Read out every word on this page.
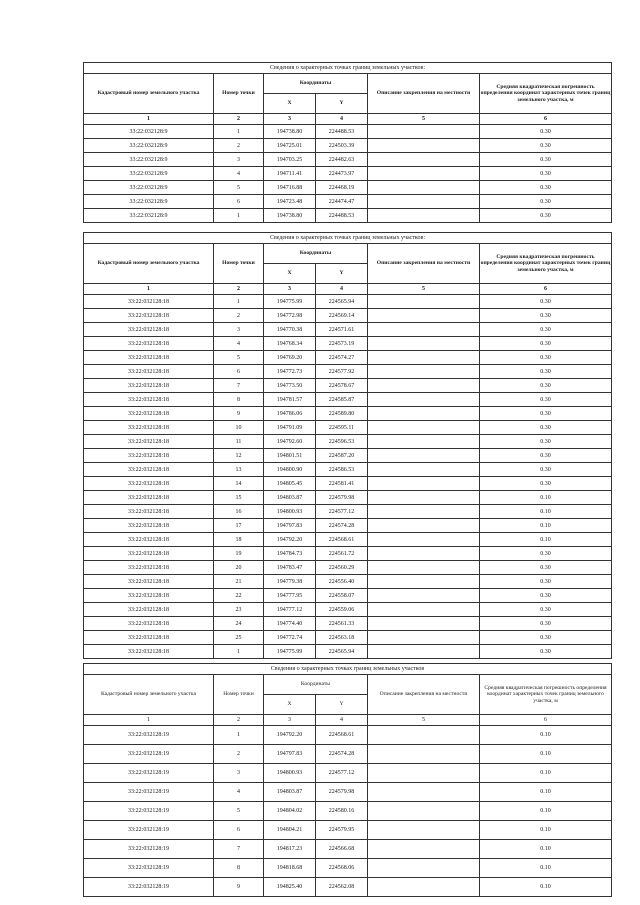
Сведения о характерных точках границ земельных участков:					
Кадастровый номер земельного участка	Номер точки	Координаты		Описание закрепления на местности	Средняя квадратическая погрешность определения координат характерных точек границ земельного участка, м
		X	Y		
1	2	3	4	5	6
33:22:032128:9	1	194738.80	224488.53		0.30
33:22:032128:9	2	194725.01	224503.39		0.30
33:22:032128:9	3	194703.25	224482.63		0.30
33:22:032128:9	4	194711.41	224473.97		0.30
33:22:032128:9	5	194716.88	224468.19		0.30
33:22:032128:9	6	194723.48	224474.47		0.30
33:22:032128:9	1	194738.80	224488.53		0.30
Сведения о характерных точках границ земельных участков:					
Кадастровый номер земельного участка	Номер точки	Координаты		Описание закрепления на местности	Средняя квадратическая погрешность определения координат характерных точек границ земельного участка, м
		X	Y		
1	2	3	4	5	6
33:22:032128:18	1	194775.99	224565.94		0.30
33:22:032128:18	2	194772.98	224569.14		0.30
33:22:032128:18	3	194770.38	224571.61		0.30
33:22:032128:18	4	194768.34	224573.19		0.30
33:22:032128:18	5	194769.20	224574.27		0.30
33:22:032128:18	6	194772.73	224577.92		0.30
33:22:032128:18	7	194773.50	224578.67		0.30
33:22:032128:18	8	194781.57	224585.87		0.30
33:22:032128:18	9	194786.06	224589.80		0.30
33:22:032128:18	10	194791.09	224595.11		0.30
33:22:032128:18	11	194792.60	224596.53		0.30
33:22:032128:18	12	194801.51	224587.20		0.30
33:22:032128:18	13	194800.90	224586.53		0.30
33:22:032128:18	14	194805.45	224581.41		0.30
33:22:032128:18	15	194803.87	224579.98		0.10
33:22:032128:18	16	194800.93	224577.12		0.10
33:22:032128:18	17	194797.83	224574.28		0.10
33:22:032128:18	18	194792.20	224568.61		0.10
33:22:032128:18	19	194784.73	224561.72		0.30
33:22:032128:18	20	194783.47	224560.29		0.30
33:22:032128:18	21	194779.38	224556.40		0.30
33:22:032128:18	22	194777.95	224558.07		0.30
33:22:032128:18	23	194777.12	224559.06		0.30
33:22:032128:18	24	194774.40	224561.33		0.30
33:22:032128:18	25	194772.74	224563.18		0.30
33:22:032128:18	1	194775.99	224565.94		0.30
Сведения о характерных точках границ земельных участков					
Кадастровый номер земельного участка	Номер точки	Координаты		Описание закрепления на местности	Средняя квадратическая погрешность определения координат характерных точек границ земельного участка, м
		X	Y		
1	2	3	4	5	6
33:22:032128:19	1	194792.20	224568.61		0.10
33:22:032128:19	2	194797.83	224574.28		0.10
33:22:032128:19	3	194800.93	224577.12		0.10
33:22:032128:19	4	194803.87	224579.98		0.10
33:22:032128:19	5	194804.02	224580.16		0.10
33:22:032128:19	6	194804.21	224579.95		0.10
33:22:032128:19	7	194817.23	224566.68		0.10
33:22:032128:19	8	194818.68	224568.06		0.10
33:22:032128:19	9	194825.40	224562.08		0.10
